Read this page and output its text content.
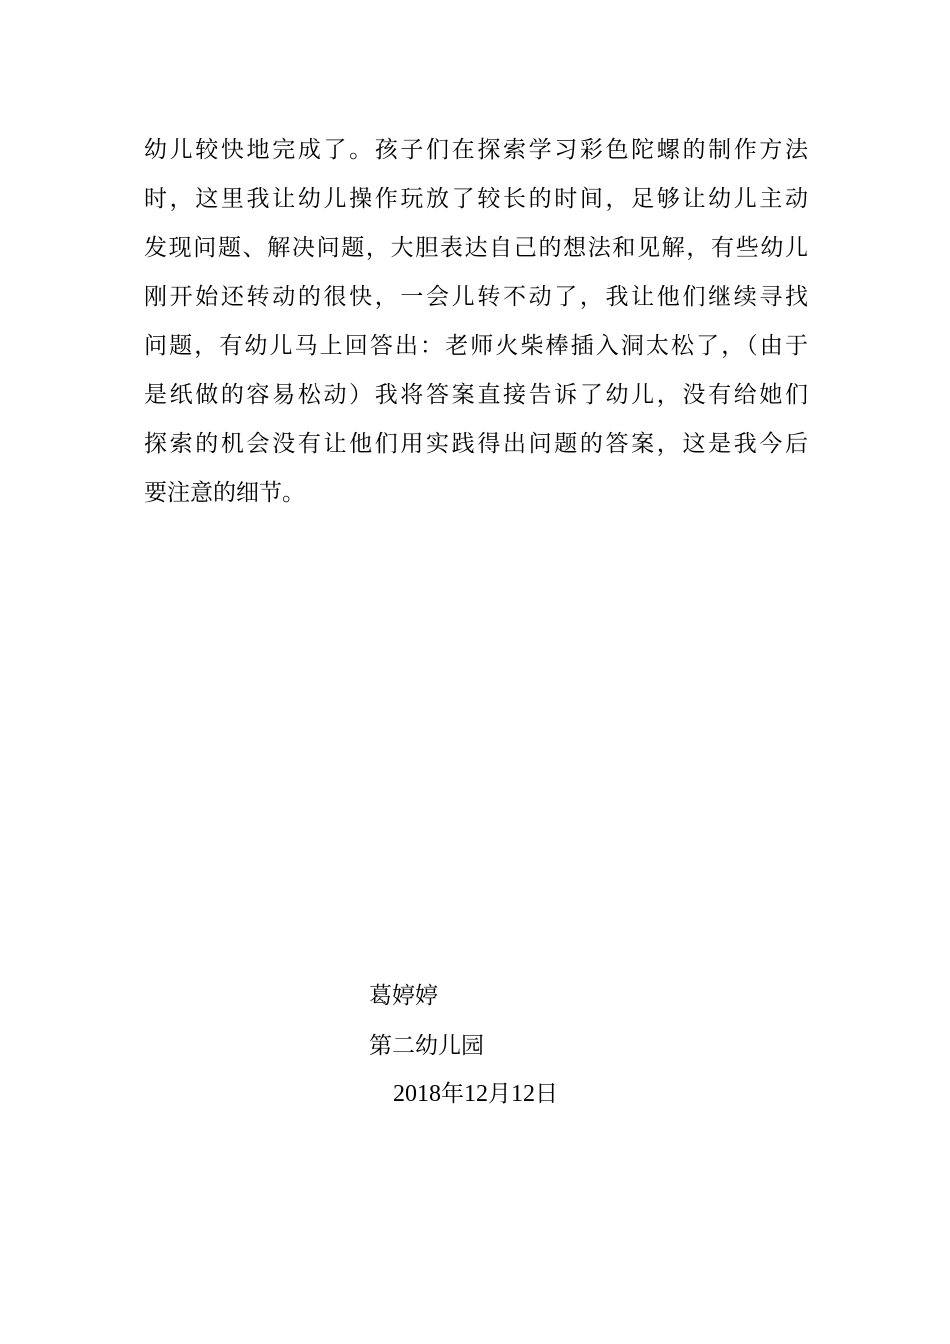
幼儿较快地完成了。孩子们在探索学习彩色陀螺的制作方法
时，这里我让幼儿操作玩放了较长的时间，足够让幼儿主动
发现问题、解决问题，大胆表达自己的想法和见解，有些幼儿
刚开始还转动的很快，一会儿转不动了，我让他们继续寻找
问题，有幼儿马上回答出：老师火柴棒插入洞太松了，（由于
是纸做的容易松动）我将答案直接告诉了幼儿，没有给她们
探索的机会没有让他们用实践得出问题的答案，这是我今后
要注意的细节。
葛婷婷
第二幼儿园
2018年12月12日
